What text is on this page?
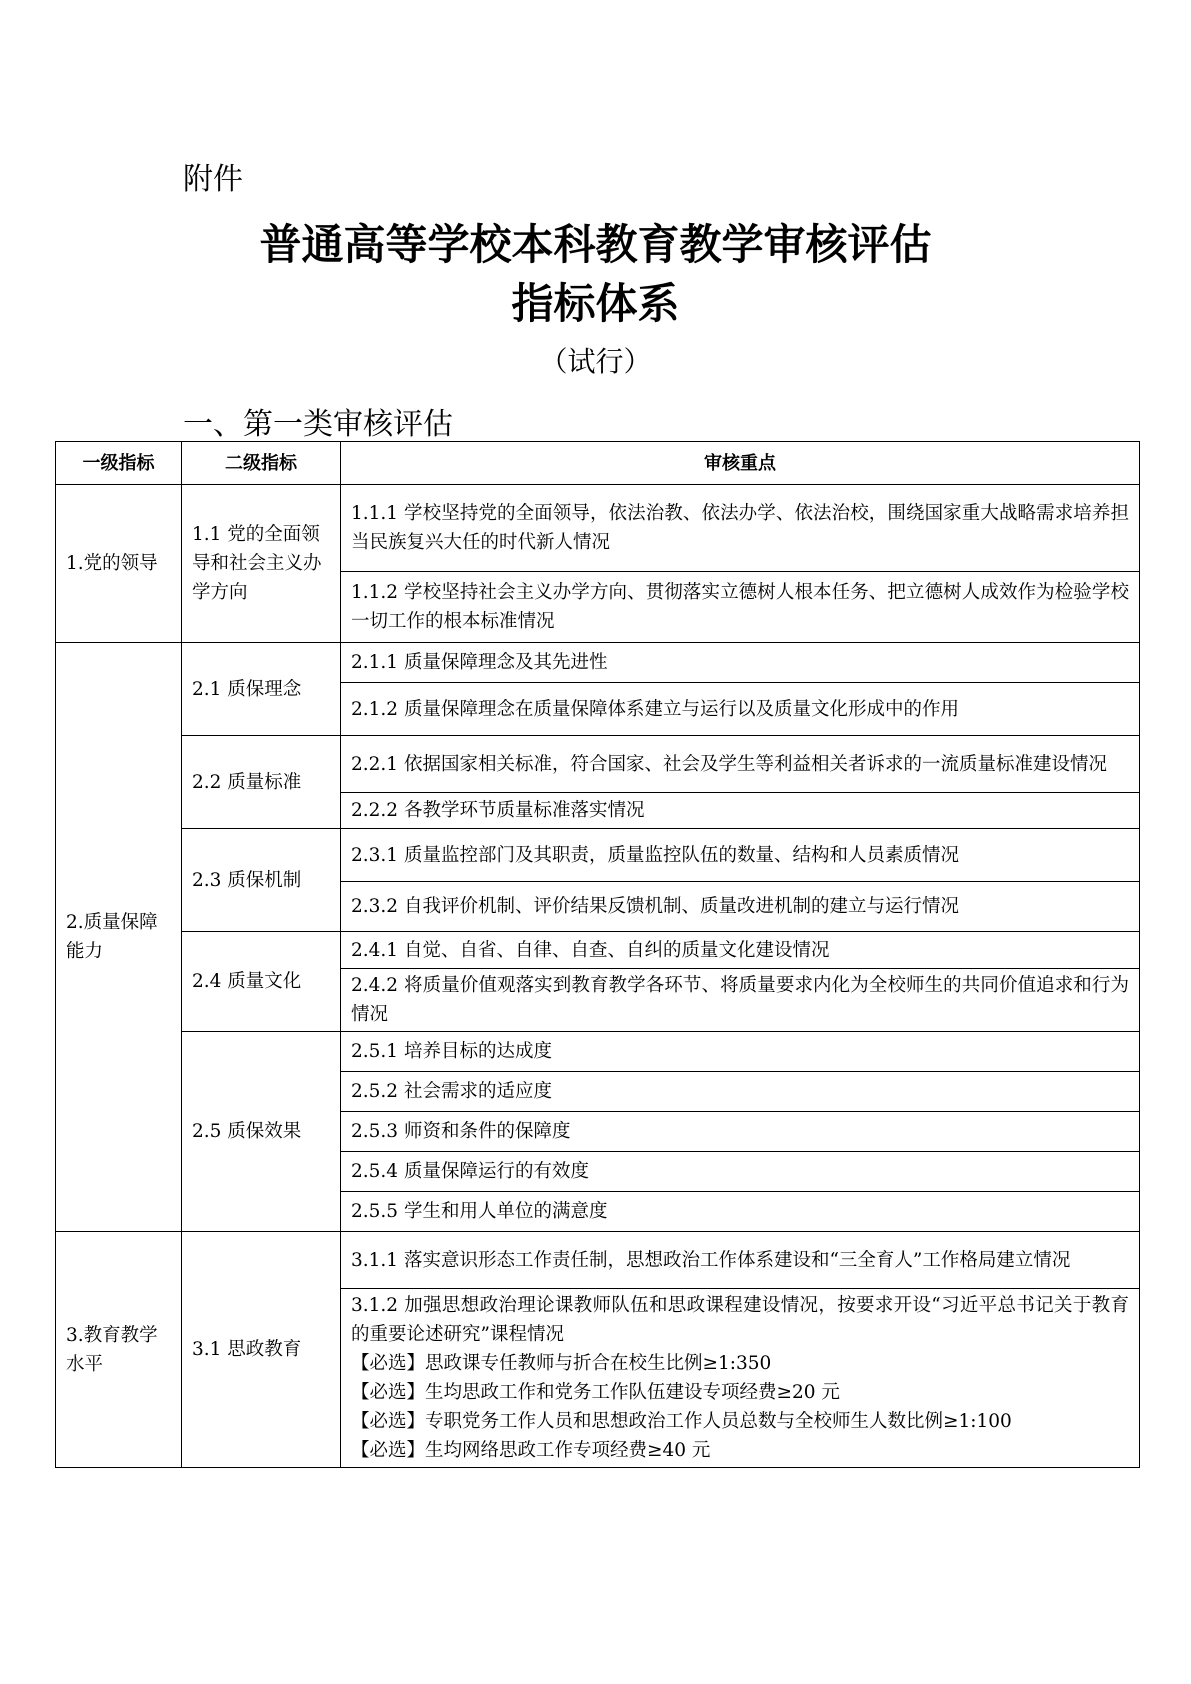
附件
普通高等学校本科教育教学审核评估
指标体系
（试行）
一、第一类审核评估
一级指标	二级指标	审核重点
1.党的领导	1.1 党的全面领导和社会主义办学方向	1.1.1 学校坚持党的全面领导，依法治教、依法办学、依法治校，围绕国家重大战略需求培养担当民族复兴大任的时代新人情况
		1.1.2 学校坚持社会主义办学方向、贯彻落实立德树人根本任务、把立德树人成效作为检验学校一切工作的根本标准情况
2.质量保障能力	2.1 质保理念	2.1.1 质量保障理念及其先进性
		2.1.2 质量保障理念在质量保障体系建立与运行以及质量文化形成中的作用
	2.2 质量标准	2.2.1 依据国家相关标准，符合国家、社会及学生等利益相关者诉求的一流质量标准建设情况
		2.2.2 各教学环节质量标准落实情况
	2.3 质保机制	2.3.1 质量监控部门及其职责，质量监控队伍的数量、结构和人员素质情况
		2.3.2 自我评价机制、评价结果反馈机制、质量改进机制的建立与运行情况
	2.4 质量文化	2.4.1 自觉、自省、自律、自查、自纠的质量文化建设情况
		2.4.2 将质量价值观落实到教育教学各环节、将质量要求内化为全校师生的共同价值追求和行为情况
	2.5 质保效果	2.5.1 培养目标的达成度
		2.5.2 社会需求的适应度
		2.5.3 师资和条件的保障度
		2.5.4 质量保障运行的有效度
		2.5.5 学生和用人单位的满意度
3.教育教学水平	3.1 思政教育	3.1.1 落实意识形态工作责任制，思想政治工作体系建设和“三全育人”工作格局建立情况

		3.1.2 加强思想政治理论课教师队伍和思政课程建设情况，按要求开设“习近平总书记关于教育的重要论述研究”课程情况
【必选】思政课专任教师与折合在校生比例≥1:350
【必选】生均思政工作和党务工作队伍建设专项经费≥20 元
【必选】专职党务工作人员和思想政治工作人员总数与全校师生人数比例≥1:100
【必选】生均网络思政工作专项经费≥40 元
